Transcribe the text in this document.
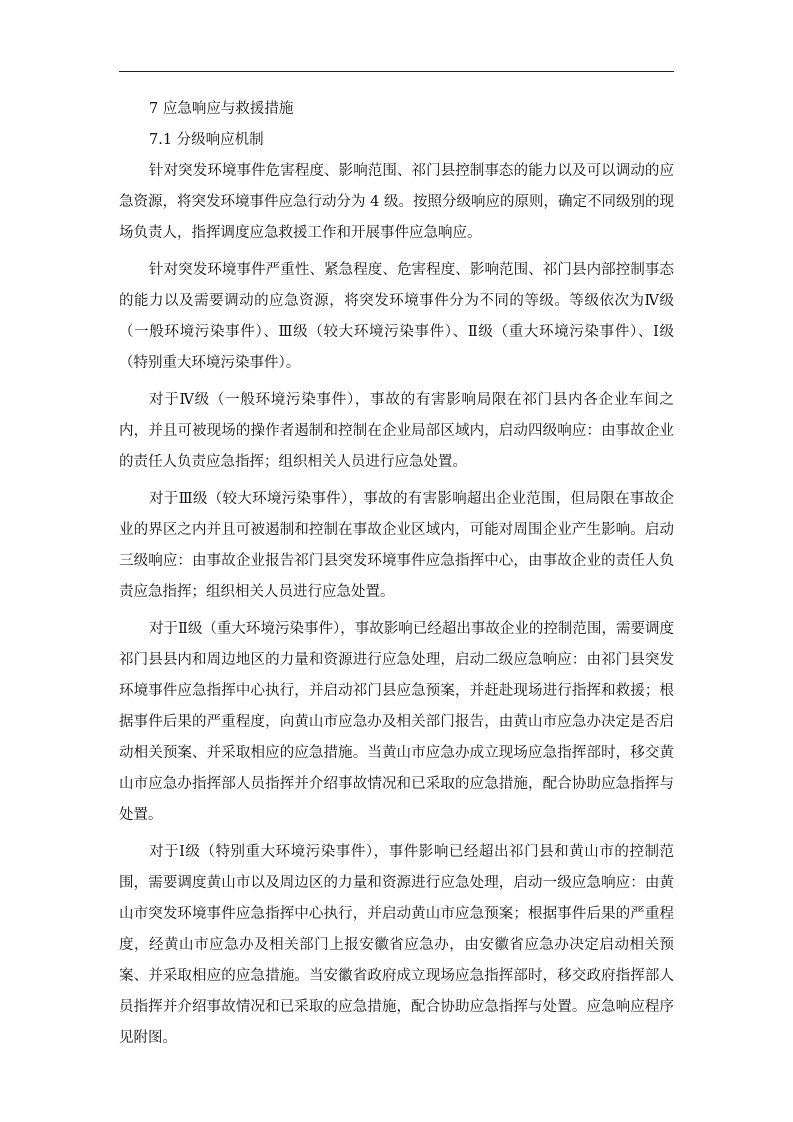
7 应急响应与救援措施
7.1 分级响应机制

针对突发环境事件危害程度、影响范围、祁门县控制事态的能力以及可以调动的应急资源，将突发环境事件应急行动分为 4 级。按照分级响应的原则，确定不同级别的现场负责人，指挥调度应急救援工作和开展事件应急响应。

针对突发环境事件严重性、紧急程度、危害程度、影响范围、祁门县内部控制事态的能力以及需要调动的应急资源，将突发环境事件分为不同的等级。等级依次为Ⅳ级（一般环境污染事件）、Ⅲ级（较大环境污染事件）、Ⅱ级（重大环境污染事件）、Ⅰ级（特别重大环境污染事件）。

对于Ⅳ级（一般环境污染事件），事故的有害影响局限在祁门县内各企业车间之内，并且可被现场的操作者遏制和控制在企业局部区域内，启动四级响应：由事故企业的责任人负责应急指挥；组织相关人员进行应急处置。

对于Ⅲ级（较大环境污染事件），事故的有害影响超出企业范围，但局限在事故企业的界区之内并且可被遏制和控制在事故企业区域内，可能对周围企业产生影响。启动三级响应：由事故企业报告祁门县突发环境事件应急指挥中心，由事故企业的责任人负责应急指挥；组织相关人员进行应急处置。

对于Ⅱ级（重大环境污染事件），事故影响已经超出事故企业的控制范围，需要调度祁门县县内和周边地区的力量和资源进行应急处理，启动二级应急响应：由祁门县突发环境事件应急指挥中心执行，并启动祁门县应急预案，并赶赴现场进行指挥和救援；根据事件后果的严重程度，向黄山市应急办及相关部门报告，由黄山市应急办决定是否启动相关预案、并采取相应的应急措施。当黄山市应急办成立现场应急指挥部时，移交黄山市应急办指挥部人员指挥并介绍事故情况和已采取的应急措施，配合协助应急指挥与处置。

对于Ⅰ级（特别重大环境污染事件），事件影响已经超出祁门县和黄山市的控制范围，需要调度黄山市以及周边区的力量和资源进行应急处理，启动一级应急响应：由黄山市突发环境事件应急指挥中心执行，并启动黄山市应急预案；根据事件后果的严重程度，经黄山市应急办及相关部门上报安徽省应急办，由安徽省应急办决定启动相关预案、并采取相应的应急措施。当安徽省政府成立现场应急指挥部时，移交政府指挥部人员指挥并介绍事故情况和已采取的应急措施，配合协助应急指挥与处置。应急响应程序见附图。
